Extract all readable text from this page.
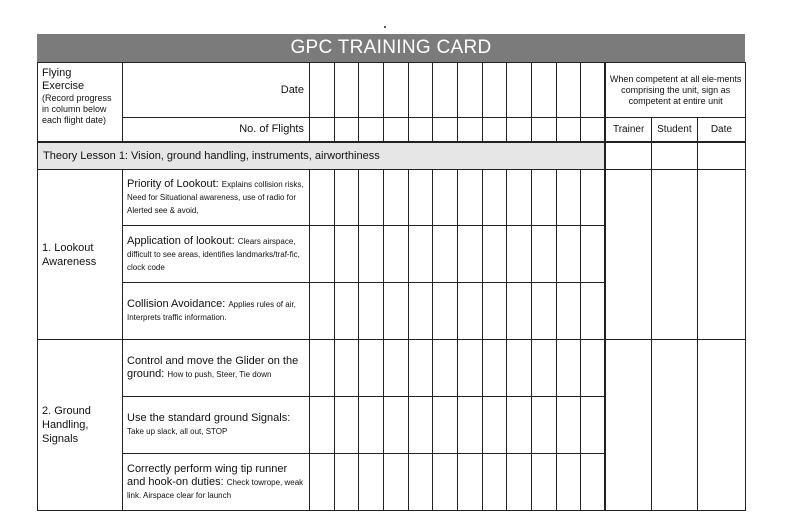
GPC TRAINING CARD
Flying
Exercise
(Record progress in column below each flight date)	Date													When competent at all ele-ments comprising the unit, sign as competent at entire unit		
	No. of Flights													Trainer	Student	Date
Theory Lesson 1: Vision, ground handling, instruments, airworthiness																
1. Lookout Awareness	Priority of Lookout: Explains collision risks, Need for Situational awareness, use of radio for Alerted see & avoid,															
	Application of lookout: Clears airspace, difficult to see areas, identifies landmarks/traf-fic, clock code															
	Collision Avoidance: Applies rules of air, Interprets traffic information.															
2. Ground Handling, Signals	Control and move the Glider on the ground: How to push, Steer, Tie down															
	Use the standard ground Signals: Take up slack, all out, STOP															
	Correctly perform wing tip runner and hook-on duties: Check towrope, weak link. Airspace clear for launch															
